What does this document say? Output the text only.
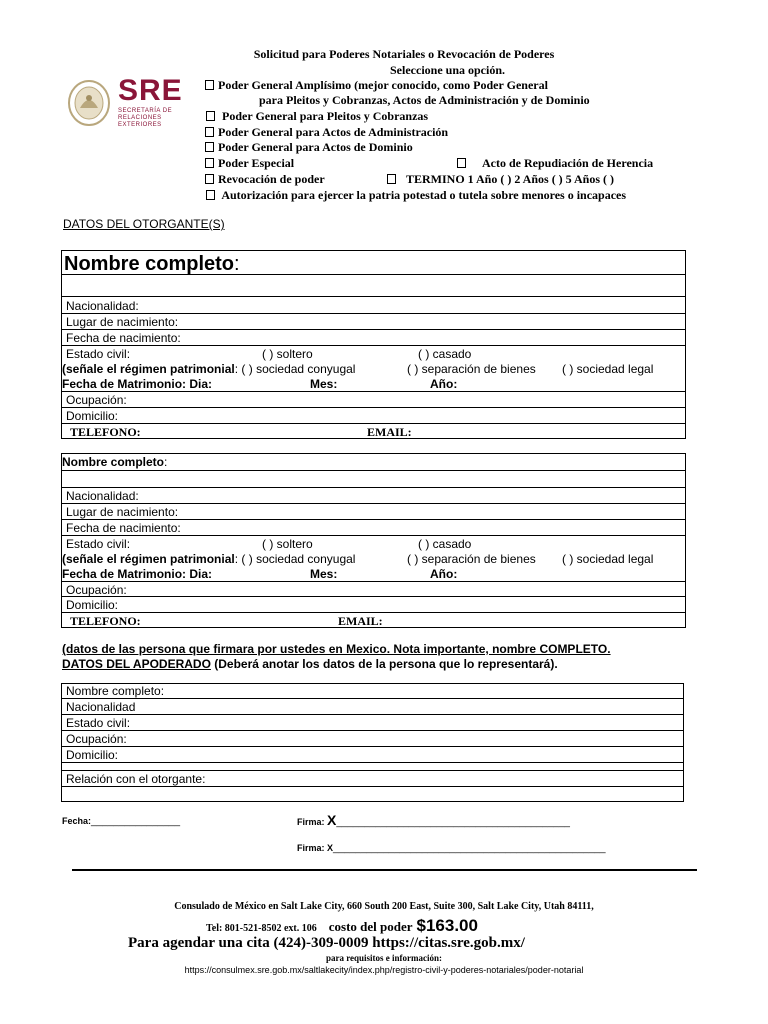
SRE
SECRETARÍA DE
RELACIONES
EXTERIORES
Solicitud para Poderes Notariales o Revocación de Poderes
Seleccione una opción.
Poder General Amplísimo (mejor conocido, como Poder General
para Pleitos y Cobranzas, Actos de Administración y de Dominio
Poder General para Pleitos y Cobranzas
Poder General para Actos de Administración
Poder General para Actos de Dominio
Poder Especial	Acto de Repudiación de Herencia
Revocación de poder	TERMINO 1 Año ( ) 2 Años ( ) 5 Años ( )
Autorización para ejercer la patria potestad o tutela sobre menores o incapaces
DATOS DEL OTORGANTE(S)
Nombre completo:
Nacionalidad:
Lugar de nacimiento:
Fecha de nacimiento:
Estado civil:	( ) soltero	( ) casado
(señale el régimen patrimonial: ( ) sociedad conyugal	( ) separación de bienes ( ) sociedad legal
Fecha de Matrimonio: Dia:	Mes:	Año:
Ocupación:
Domicilio:
TELEFONO:	EMAIL:
Nombre completo:
Nacionalidad:
Lugar de nacimiento:
Fecha de nacimiento:
Estado civil:	( ) soltero	( ) casado
(señale el régimen patrimonial: ( ) sociedad conyugal	( ) separación de bienes ( ) sociedad legal
Fecha de Matrimonio: Dia:	Mes:	Año:
Ocupación:
Domicilio:
TELEFONO:	EMAIL:
(datos de las persona que firmara por ustedes en Mexico. Nota importante, nombre COMPLETO.
DATOS DEL APODERADO (Deberá anotar los datos de la persona que lo representará).
Nombre completo:
Nacionalidad
Estado civil:
Ocupación:
Domicilio:
Relación con el otorgante:
Fecha:________________	Firma: X__________________________________________
Firma: X_________________________________________________
Consulado de México en Salt Lake City, 660 South 200 East, Suite 300, Salt Lake City, Utah 84111,
Tel: 801-521-8502 ext. 106 costo del poder $163.00
Para agendar una cita (424)-309-0009 https://citas.sre.gob.mx/
para requisitos e información:
https://consulmex.sre.gob.mx/saltlakecity/index.php/registro-civil-y-poderes-notariales/poder-notarial
